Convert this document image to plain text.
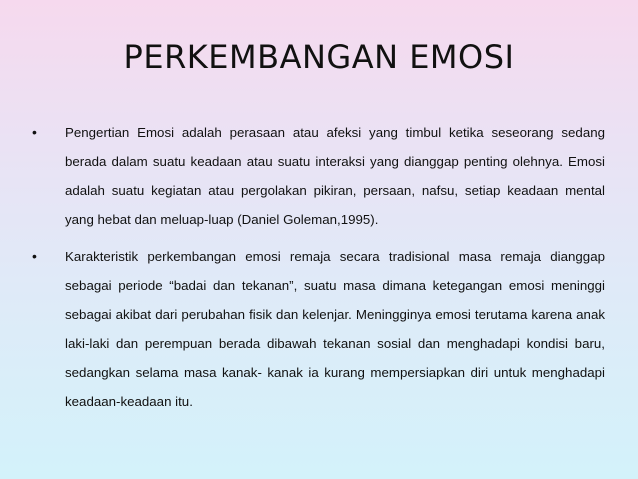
PERKEMBANGAN EMOSI
•	Pengertian Emosi adalah perasaan atau afeksi yang timbul ketika seseorang sedang berada dalam suatu keadaan atau suatu interaksi yang dianggap penting olehnya. Emosi adalah suatu kegiatan atau pergolakan pikiran, persaan, nafsu, setiap keadaan mental yang hebat dan meluap-luap (Daniel Goleman,1995).
•	Karakteristik perkembangan emosi remaja secara tradisional masa remaja dianggap sebagai periode “badai dan tekanan”, suatu masa dimana ketegangan emosi meninggi sebagai akibat dari perubahan fisik dan kelenjar. Meningginya emosi terutama karena anak laki-laki dan perempuan berada dibawah tekanan sosial dan menghadapi kondisi baru, sedangkan selama masa kanak- kanak ia kurang mempersiapkan diri untuk menghadapi keadaan-keadaan itu.
